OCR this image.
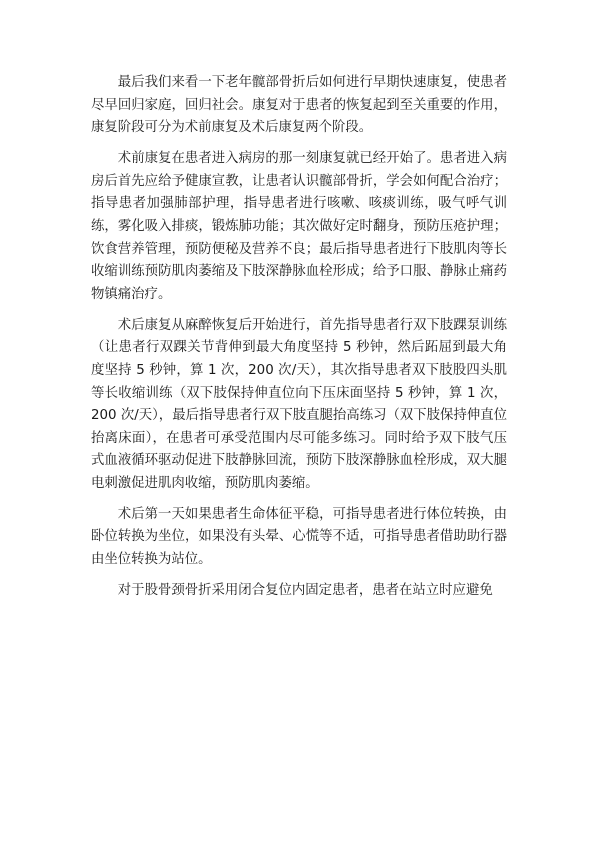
最后我们来看一下老年髋部骨折后如何进行早期快速康复，使患者尽早回归家庭，回归社会。康复对于患者的恢复起到至关重要的作用，康复阶段可分为术前康复及术后康复两个阶段。

术前康复在患者进入病房的那一刻康复就已经开始了。患者进入病房后首先应给予健康宣教，让患者认识髋部骨折，学会如何配合治疗；指导患者加强肺部护理，指导患者进行咳嗽、咳痰训练，吸气呼气训练，雾化吸入排痰，锻炼肺功能；其次做好定时翻身，预防压疮护理；饮食营养管理，预防便秘及营养不良；最后指导患者进行下肢肌肉等长收缩训练预防肌肉萎缩及下肢深静脉血栓形成；给予口服、静脉止痛药物镇痛治疗。

术后康复从麻醉恢复后开始进行，首先指导患者行双下肢踝泵训练（让患者行双踝关节背伸到最大角度坚持 5 秒钟，然后跖屈到最大角度坚持 5 秒钟，算 1 次，200 次/天），其次指导患者双下肢股四头肌等长收缩训练（双下肢保持伸直位向下压床面坚持 5 秒钟，算 1 次，200 次/天），最后指导患者行双下肢直腿抬高练习（双下肢保持伸直位抬离床面），在患者可承受范围内尽可能多练习。同时给予双下肢气压式血液循环驱动促进下肢静脉回流，预防下肢深静脉血栓形成，双大腿电刺激促进肌肉收缩，预防肌肉萎缩。

术后第一天如果患者生命体征平稳，可指导患者进行体位转换，由卧位转换为坐位，如果没有头晕、心慌等不适，可指导患者借助助行器由坐位转换为站位。

对于股骨颈骨折采用闭合复位内固定患者，患者在站立时应避免
